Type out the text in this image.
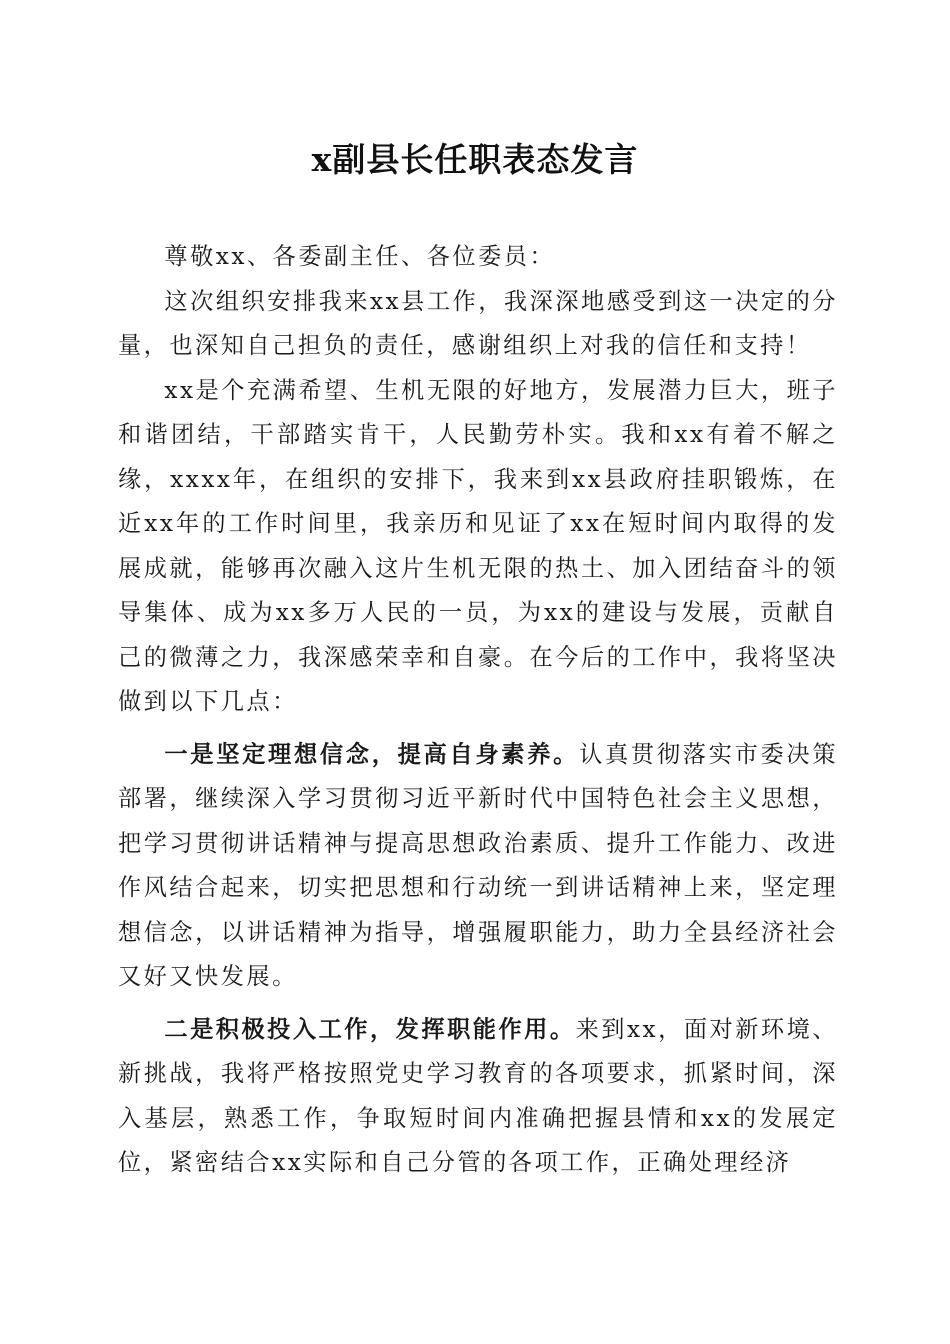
x副县长任职表态发言

尊敬xx、各委副主任、各位委员：

这次组织安排我来xx县工作，我深深地感受到这一决定的分量，也深知自己担负的责任，感谢组织上对我的信任和支持！

xx是个充满希望、生机无限的好地方，发展潜力巨大，班子和谐团结，干部踏实肯干，人民勤劳朴实。我和xx有着不解之缘，xxxx年，在组织的安排下，我来到xx县政府挂职锻炼，在近xx年的工作时间里，我亲历和见证了xx在短时间内取得的发展成就，能够再次融入这片生机无限的热土、加入团结奋斗的领导集体、成为xx多万人民的一员，为xx的建设与发展，贡献自己的微薄之力，我深感荣幸和自豪。在今后的工作中，我将坚决做到以下几点：

一是坚定理想信念，提高自身素养。认真贯彻落实市委决策部署，继续深入学习贯彻习近平新时代中国特色社会主义思想，把学习贯彻讲话精神与提高思想政治素质、提升工作能力、改进作风结合起来，切实把思想和行动统一到讲话精神上来，坚定理想信念，以讲话精神为指导，增强履职能力，助力全县经济社会又好又快发展。

二是积极投入工作，发挥职能作用。来到xx，面对新环境、新挑战，我将严格按照党史学习教育的各项要求，抓紧时间，深入基层，熟悉工作，争取短时间内准确把握县情和xx的发展定位，紧密结合xx实际和自己分管的各项工作，正确处理经济
